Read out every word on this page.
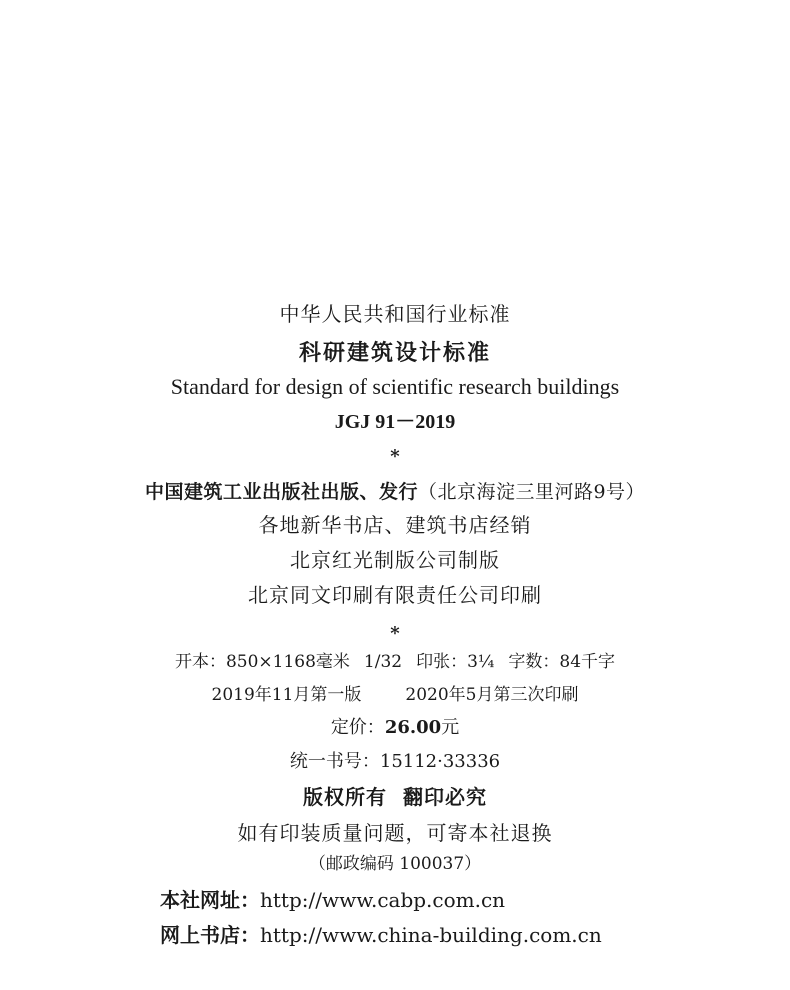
中华人民共和国行业标准
科研建筑设计标准
Standard for design of scientific research buildings
JGJ 91－2019
*
中国建筑工业出版社出版、发行（北京海淀三里河路9号）
各地新华书店、建筑书店经销
北京红光制版公司制版
北京同文印刷有限责任公司印刷
*
开本：850×1168毫米 1/32 印张：3¼ 字数：84千字
2019年11月第一版	2020年5月第三次印刷
定价：26.00元
统一书号：15112·33336
版权所有 翻印必究
如有印装质量问题，可寄本社退换
（邮政编码 100037）
本社网址：http://www.cabp.com.cn
网上书店：http://www.china-building.com.cn
